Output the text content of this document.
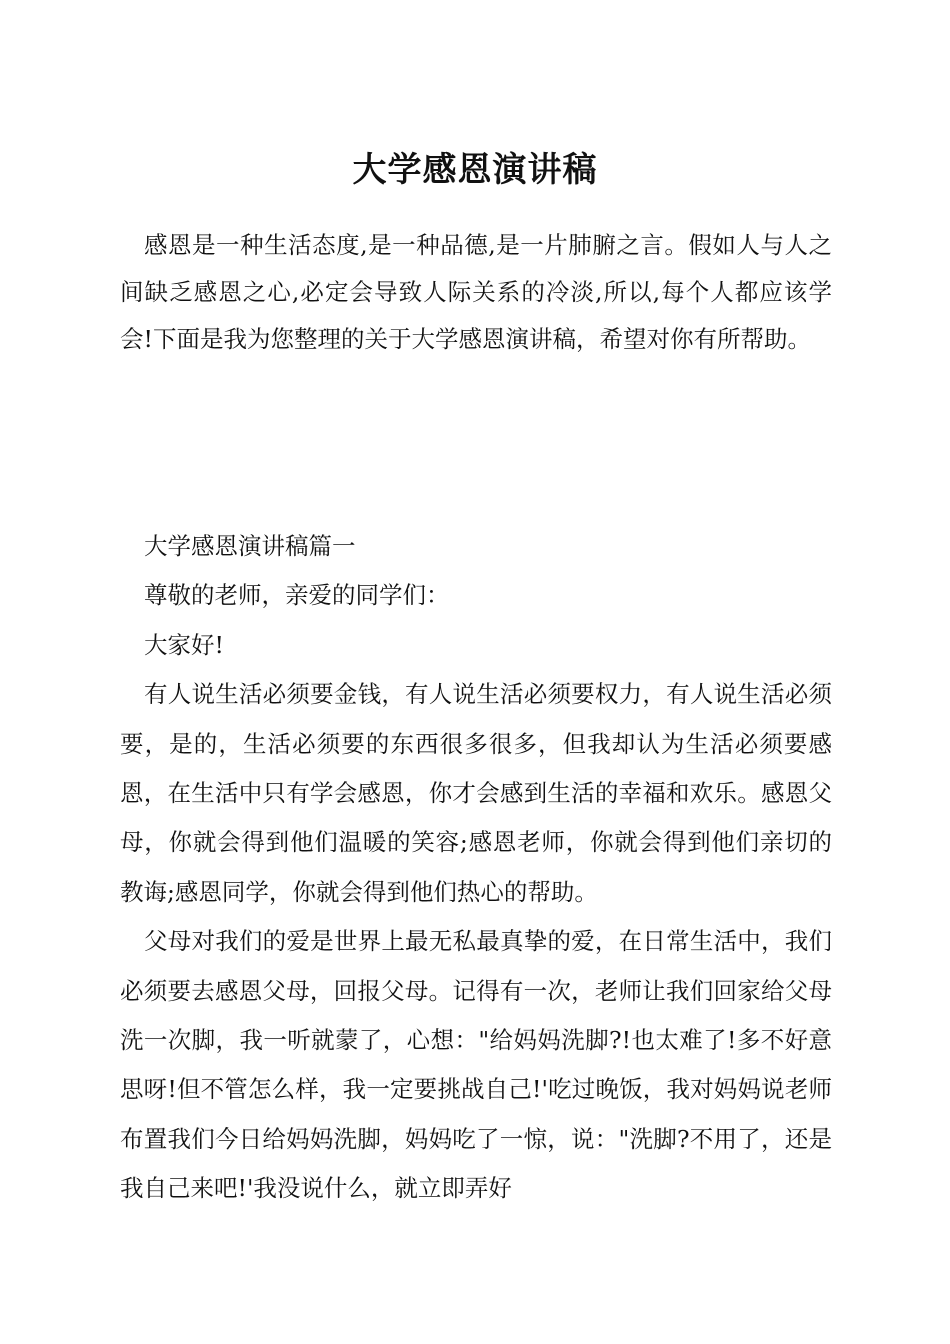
大学感恩演讲稿

感恩是一种生活态度,是一种品德,是一片肺腑之言。假如人与人之间缺乏感恩之心,必定会导致人际关系的冷淡,所以,每个人都应该学会!下面是我为您整理的关于大学感恩演讲稿，希望对你有所帮助。

大学感恩演讲稿篇一

尊敬的老师，亲爱的同学们：

大家好!

有人说生活必须要金钱，有人说生活必须要权力，有人说生活必须要，是的，生活必须要的东西很多很多，但我却认为生活必须要感恩，在生活中只有学会感恩，你才会感到生活的幸福和欢乐。感恩父母，你就会得到他们温暖的笑容;感恩老师，你就会得到他们亲切的教诲;感恩同学，你就会得到他们热心的帮助。

父母对我们的爱是世界上最无私最真挚的爱，在日常生活中，我们必须要去感恩父母，回报父母。记得有一次，老师让我们回家给父母洗一次脚，我一听就蒙了，心想："给妈妈洗脚?!也太难了!多不好意思呀!但不管怎么样，我一定要挑战自己!'吃过晚饭，我对妈妈说老师布置我们今日给妈妈洗脚，妈妈吃了一惊，说："洗脚?不用了，还是我自己来吧!'我没说什么，就立即弄好
